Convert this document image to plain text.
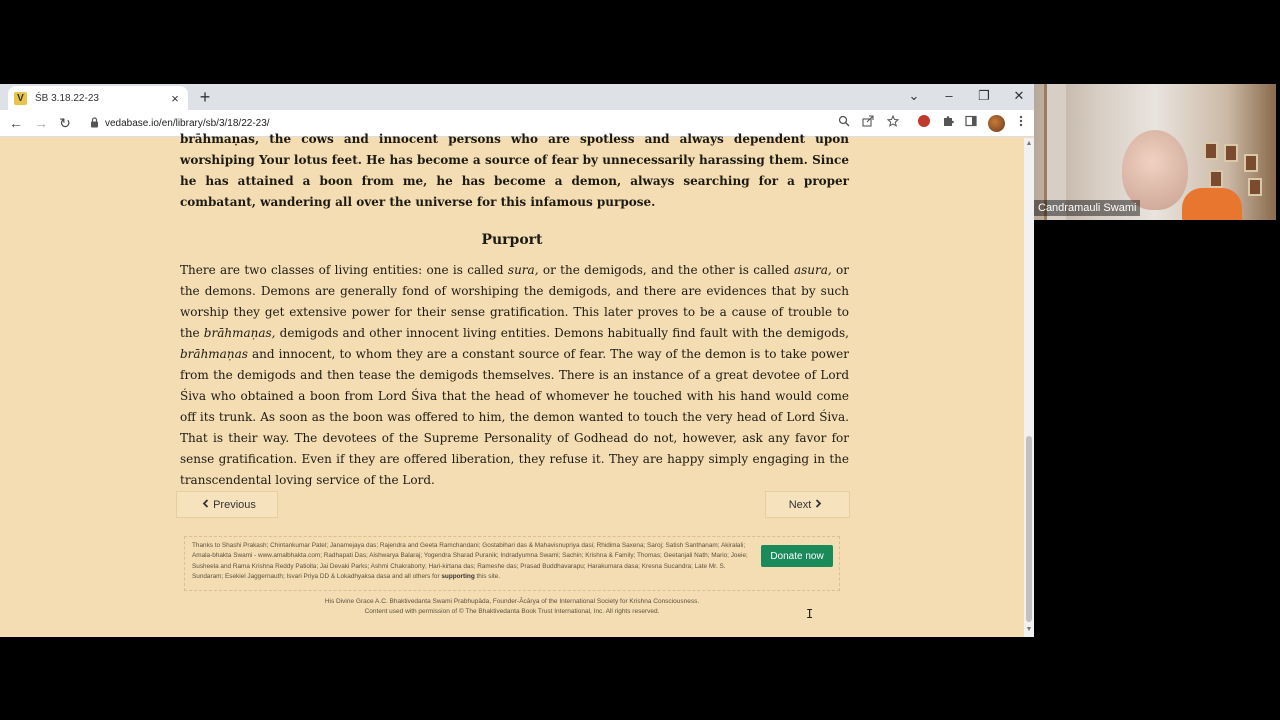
V	ŚB 3.18.22-23	× +	⌄	–	❐ ✕
← → ↻	vedabase.io/en/library/sb/3/18/22-23/
brāhmaṇas, the cows and innocent persons who are spotless and always dependent upon worshiping Your lotus feet. He has become a source of fear by unnecessarily harassing them. Since he has attained a boon from me, he has become a demon, always searching for a proper combatant, wandering all over the universe for this infamous purpose.
Purport
There are two classes of living entities: one is called sura, or the demigods, and the other is called asura, or the demons. Demons are generally fond of worshiping the demigods, and there are evidences that by such worship they get extensive power for their sense gratification. This later proves to be a cause of trouble to the brāhmaṇas, demigods and other innocent living entities. Demons habitually find fault with the demigods, brāhmaṇas and innocent, to whom they are a constant source of fear. The way of the demon is to take power from the demigods and then tease the demigods themselves. There is an instance of a great devotee of Lord Śiva who obtained a boon from Lord Śiva that the head of whomever he touched with his hand would come off its trunk. As soon as the boon was offered to him, the demon wanted to touch the very head of Lord Śiva. That is their way. The devotees of the Supreme Personality of Godhead do not, however, ask any favor for sense gratification. Even if they are offered liberation, they refuse it. They are happy simply engaging in the transcendental loving service of the Lord.
Previous	Next
Thanks to Shashi Prakash; Chintankumar Patel; Janamejaya das; Rajendra and Geeta Ramchandani; Gostabihari das & Mahavisnupriya dasi; Rhidima Saxena; Saroj; Satish Santhanam; Akiralali; Amala-bhakta Swami - www.amalbhakta.com; Radhapati Das; Aishwarya Balaraj; Yogendra Sharad Puranik; Indradyumna Swami; Sachin; Krishna & Family; Thomas; Geetanjali Nath; Mario; Joeie; Susheela and Rama Krishna Reddy Patiolla; Jai Devaki Parks; Ashmi Chakraborty; Hari-kirtana das; Rameshe das; Prasad Buddhavarapu; Harakumara dasa; Kresna Sucandra; Late Mr. S. Sundaram; Esekiel Jaggernauth; Isvari Priya DD & Lokadhyaksa dasa and all others for supporting this site.
Donate now
His Divine Grace A.C. Bhaktivedanta Swami Prabhupāda, Founder-Ācārya of the International Society for Krishna Consciousness.
Content used with permission of © The Bhaktivedanta Book Trust International, Inc. All rights reserved.	I
▲
▼
Candramauli Swami
